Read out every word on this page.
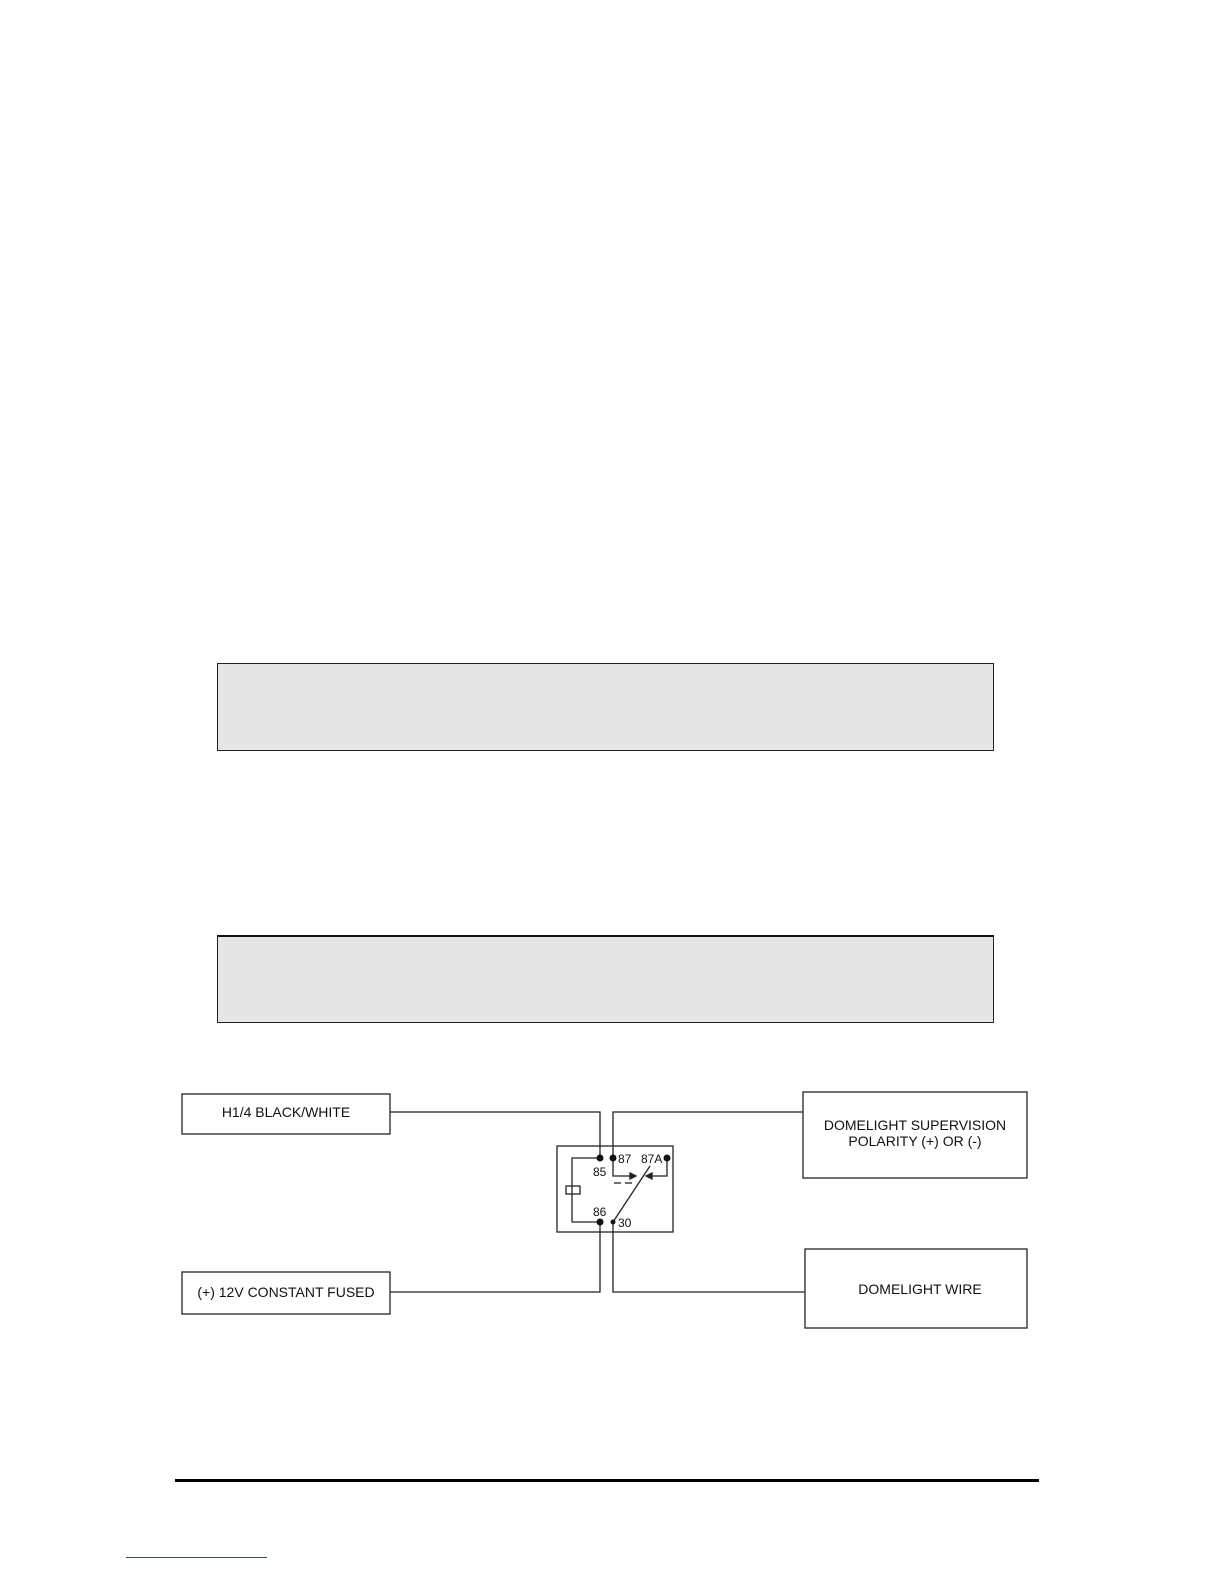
H1/4 BLACK/WHITE
(+) 12V CONSTANT FUSED
DOMELIGHT SUPERVISION
POLARITY (+) OR (-)
DOMELIGHT WIRE
85
87 87A
86
30
